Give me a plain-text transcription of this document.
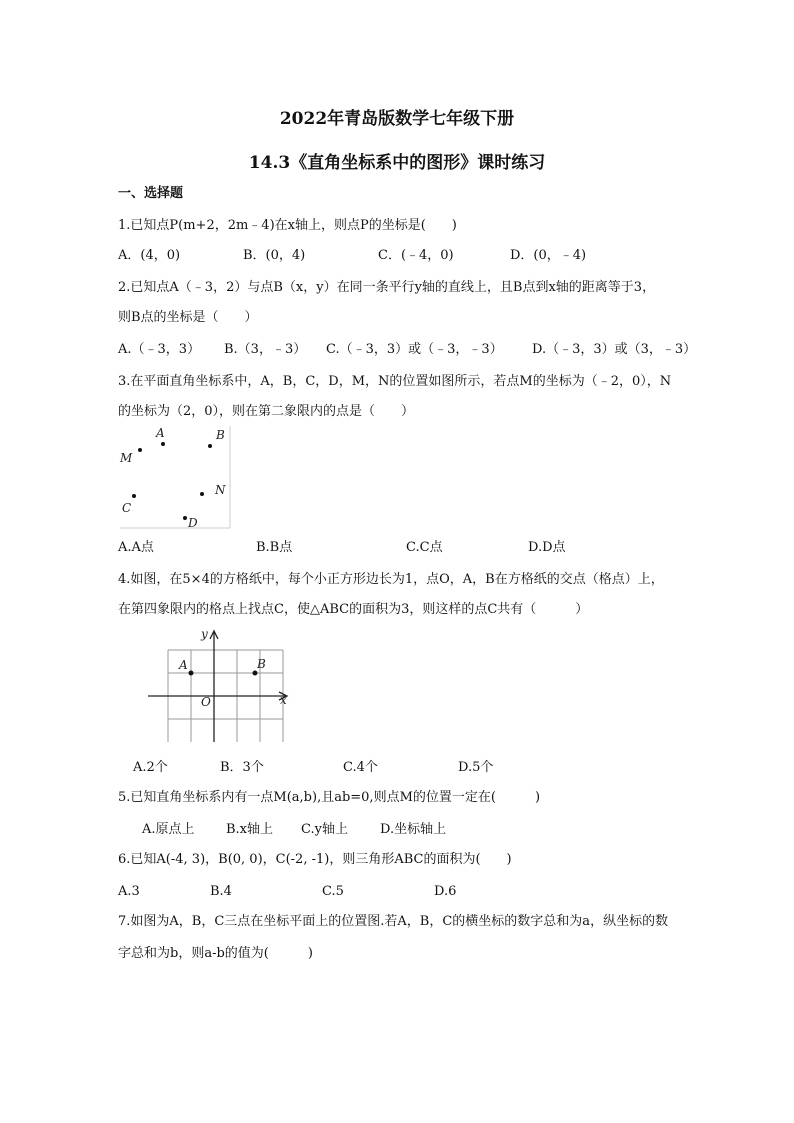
2022年青岛版数学七年级下册
14.3《直角坐标系中的图形》课时练习
一、选择题
1.已知点P(m+2，2m﹣4)在x轴上，则点P的坐标是(　　)
A．(4，0)	B．(0，4)	C．(﹣4，0)	D．(0，﹣4)
2.已知点A（﹣3，2）与点B（x，y）在同一条平行y轴的直线上，且B点到x轴的距离等于3，
则B点的坐标是（　　）
A.（﹣3，3） B.（3，﹣3） C.（﹣3，3）或（﹣3，﹣3） D.（﹣3，3）或（3，﹣3）
3.在平面直角坐标系中，A，B，C，D，M，N的位置如图所示，若点M的坐标为（﹣2，0），N
的坐标为（2，0），则在第二象限内的点是（　　）
M
A	B
C
N
D
A.A点	B.B点	C.C点	D.D点
4.如图，在5×4的方格纸中，每个小正方形边长为1，点O，A，B在方格纸的交点（格点）上，
在第四象限内的格点上找点C，使△ABC的面积为3，则这样的点C共有（　　　）
y
x
O
A	B
A.2个	B．3个	C.4个	D.5个
5.已知直角坐标系内有一点M(a,b),且ab=0,则点M的位置一定在(　　　)
A.原点上 B.x轴上 C.y轴上 D.坐标轴上
6.已知A(-4, 3)，B(0, 0)，C(-2, -1)，则三角形ABC的面积为(　　)
A.3	B.4	C.5	D.6
7.如图为A，B，C三点在坐标平面上的位置图.若A，B，C的横坐标的数字总和为a，纵坐标的数
字总和为b，则a-b的值为(　　　)
